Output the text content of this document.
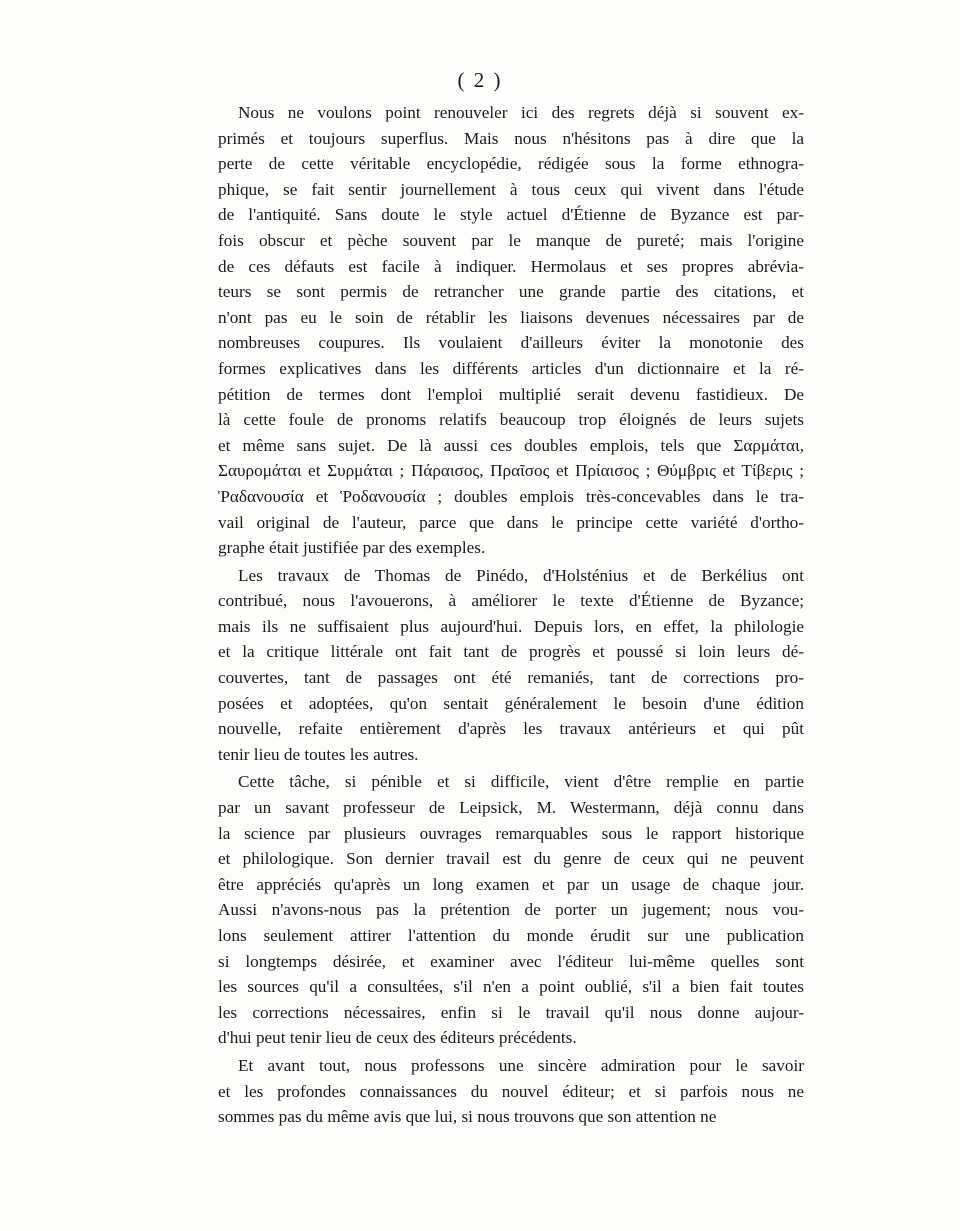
( 2 )
Nous ne voulons point renouveler ici des regrets déjà si souvent ex-
primés et toujours superflus. Mais nous n'hésitons pas à dire que la
perte de cette véritable encyclopédie, rédigée sous la forme ethnogra-
phique, se fait sentir journellement à tous ceux qui vivent dans l'étude
de l'antiquité. Sans doute le style actuel d'Étienne de Byzance est par-
fois obscur et pèche souvent par le manque de pureté; mais l'origine
de ces défauts est facile à indiquer. Hermolaus et ses propres abrévia-
teurs se sont permis de retrancher une grande partie des citations, et
n'ont pas eu le soin de rétablir les liaisons devenues nécessaires par de
nombreuses coupures. Ils voulaient d'ailleurs éviter la monotonie des
formes explicatives dans les différents articles d'un dictionnaire et la ré-
pétition de termes dont l'emploi multiplié serait devenu fastidieux. De
là cette foule de pronoms relatifs beaucoup trop éloignés de leurs sujets
et même sans sujet. De là aussi ces doubles emplois, tels que Σαρμάται,
Σαυρομάται et Συρμάται ; Πάραισος, Πραῖσος et Πρίαισος ; Θύμβρις et Τίβερις ;
Ῥαδανουσία et Ῥοδανουσία ; doubles emplois très-concevables dans le tra-
vail original de l'auteur, parce que dans le principe cette variété d'ortho-
graphe était justifiée par des exemples.
Les travaux de Thomas de Pinédo, d'Holsténius et de Berkélius ont
contribué, nous l'avouerons, à améliorer le texte d'Étienne de Byzance;
mais ils ne suffisaient plus aujourd'hui. Depuis lors, en effet, la philologie
et la critique littérale ont fait tant de progrès et poussé si loin leurs dé-
couvertes, tant de passages ont été remaniés, tant de corrections pro-
posées et adoptées, qu'on sentait généralement le besoin d'une édition
nouvelle, refaite entièrement d'après les travaux antérieurs et qui pût
tenir lieu de toutes les autres.
Cette tâche, si pénible et si difficile, vient d'être remplie en partie
par un savant professeur de Leipsick, M. Westermann, déjà connu dans
la science par plusieurs ouvrages remarquables sous le rapport historique
et philologique. Son dernier travail est du genre de ceux qui ne peuvent
être appréciés qu'après un long examen et par un usage de chaque jour.
Aussi n'avons-nous pas la prétention de porter un jugement; nous vou-
lons seulement attirer l'attention du monde érudit sur une publication
si longtemps désirée, et examiner avec l'éditeur lui-même quelles sont
les sources qu'il a consultées, s'il n'en a point oublié, s'il a bien fait toutes
les corrections nécessaires, enfin si le travail qu'il nous donne aujour-
d'hui peut tenir lieu de ceux des éditeurs précédents.
Et avant tout, nous professons une sincère admiration pour le savoir
et les profondes connaissances du nouvel éditeur; et si parfois nous ne
sommes pas du même avis que lui, si nous trouvons que son attention ne
